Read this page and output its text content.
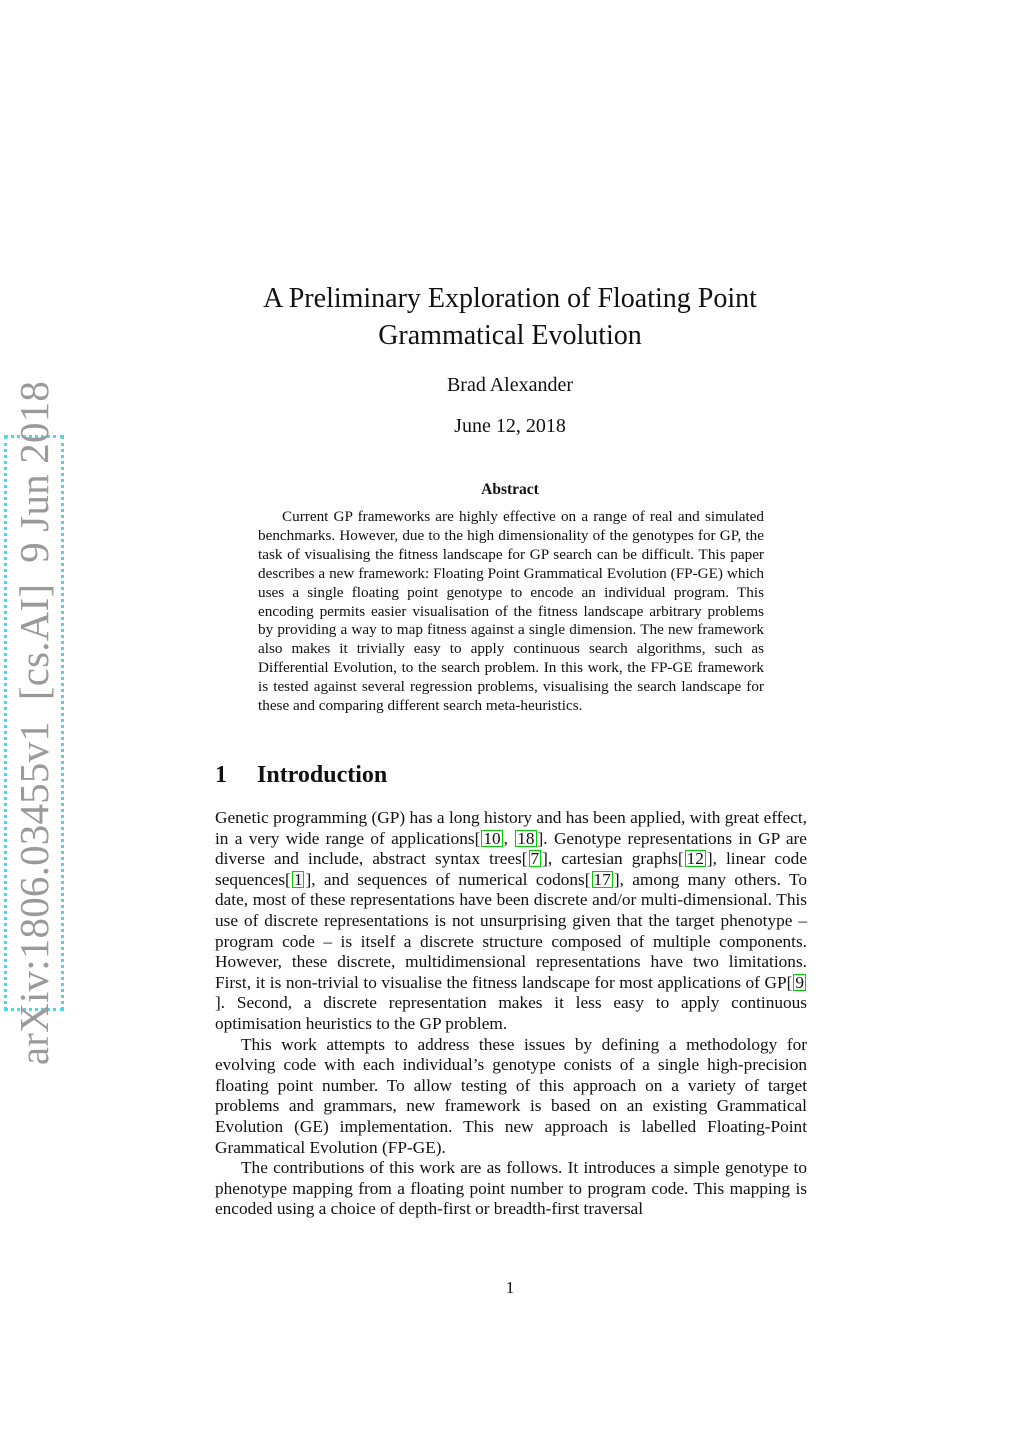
arXiv:1806.03455v1  [cs.AI]  9 Jun 2018
A Preliminary Exploration of Floating Point Grammatical Evolution
Brad Alexander
June 12, 2018
Abstract

Current GP frameworks are highly effective on a range of real and simulated benchmarks. However, due to the high dimensionality of the genotypes for GP, the task of visualising the fitness landscape for GP search can be difficult. This paper describes a new framework: Floating Point Grammatical Evolution (FP-GE) which uses a single floating point genotype to encode an individual program. This encoding permits easier visualisation of the fitness landscape arbitrary problems by providing a way to map fitness against a single dimension. The new framework also makes it trivially easy to apply continuous search algorithms, such as Differential Evolution, to the search problem. In this work, the FP-GE framework is tested against several regression problems, visualising the search landscape for these and comparing different search meta-heuristics.

1 Introduction

Genetic programming (GP) has a long history and has been applied, with great effect, in a very wide range of applications[ 10 , 18 ]. Genotype representations in GP are diverse and include, abstract syntax trees[ 7 ], cartesian graphs[ 12 ], linear code sequences[ 1 ], and sequences of numerical codons[ 17 ], among many others. To date, most of these representations have been discrete and/or multi-dimensional. This use of discrete representations is not unsurprising given that the target phenotype – program code – is itself a discrete structure composed of multiple components. However, these discrete, multidimensional representations have two limitations. First, it is non-trivial to visualise the fitness landscape for most applications of GP[ 9]. Second, a discrete representation makes it less easy to apply continuous optimisation heuristics to the GP problem.

This work attempts to address these issues by defining a methodology for evolving code with each individual’s genotype conists of a single high-precision floating point number. To allow testing of this approach on a variety of target problems and grammars, new framework is based on an existing Grammatical Evolution (GE) implementation. This new approach is labelled Floating-Point Grammatical Evolution (FP-GE).

The contributions of this work are as follows. It introduces a simple genotype to phenotype mapping from a floating point number to program code. This mapping is encoded using a choice of depth-first or breadth-first traversal

1
